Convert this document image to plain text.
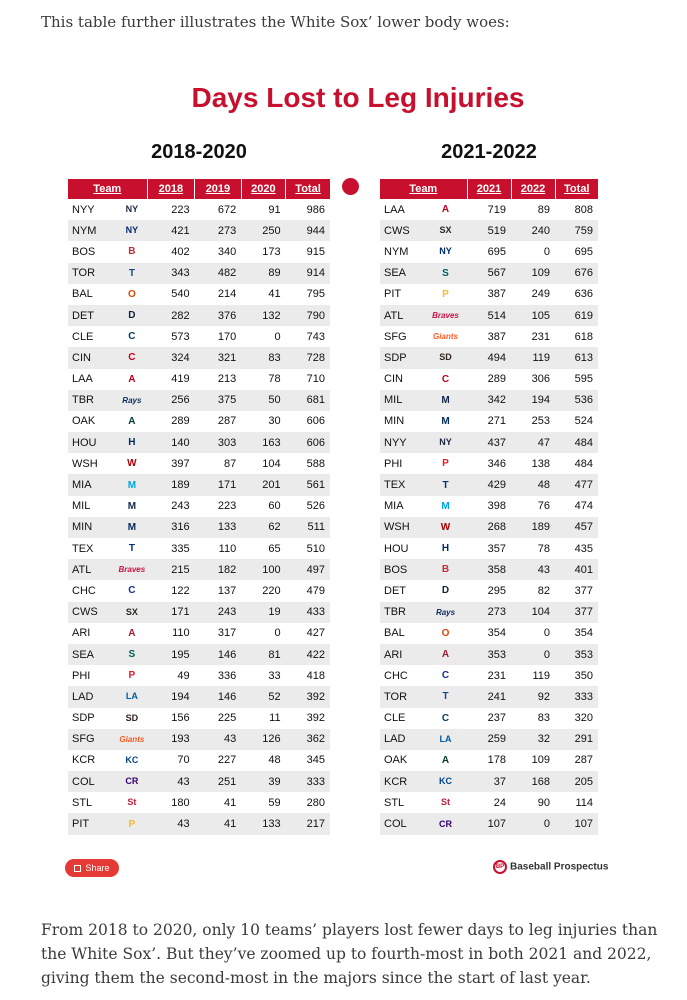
This table further illustrates the White Sox’ lower body woes:
Days Lost to Leg Injuries
2018-2020	2021-2022
Team		2018	2019	2020	Total
NYY	NY	223	672	91	986
NYM	NY	421	273	250	944
BOS	B	402	340	173	915
TOR	T	343	482	89	914
BAL	O	540	214	41	795
DET	D	282	376	132	790
CLE	C	573	170	0	743
CIN	C	324	321	83	728
LAA	A	419	213	78	710
TBR	Rays	256	375	50	681
OAK	A	289	287	30	606
HOU	H	140	303	163	606
WSH	W	397	87	104	588
MIA	M	189	171	201	561
MIL	M	243	223	60	526
MIN	M	316	133	62	511
TEX	T	335	110	65	510
ATL	Braves	215	182	100	497
CHC	C	122	137	220	479
CWS	SX	171	243	19	433
ARI	A	110	317	0	427
SEA	S	195	146	81	422
PHI	P	49	336	33	418
LAD	LA	194	146	52	392
SDP	SD	156	225	11	392
SFG	Giants	193	43	126	362
KCR	KC	70	227	48	345
COL	CR	43	251	39	333
STL	St	180	41	59	280
PIT	P	43	41	133	217
Team		2021	2022	Total
LAA	A	719	89	808
CWS	SX	519	240	759
NYM	NY	695	0	695
SEA	S	567	109	676
PIT	P	387	249	636
ATL	Braves	514	105	619
SFG	Giants	387	231	618
SDP	SD	494	119	613
CIN	C	289	306	595
MIL	M	342	194	536
MIN	M	271	253	524
NYY	NY	437	47	484
PHI	P	346	138	484
TEX	T	429	48	477
MIA	M	398	76	474
WSH	W	268	189	457
HOU	H	357	78	435
BOS	B	358	43	401
DET	D	295	82	377
TBR	Rays	273	104	377
BAL	O	354	0	354
ARI	A	353	0	353
CHC	C	231	119	350
TOR	T	241	92	333
CLE	C	237	83	320
LAD	LA	259	32	291
OAK	A	178	109	287
KCR	KC	37	168	205
STL	St	24	90	114
COL	CR	107	0	107
Share	BP Baseball Prospectus
From 2018 to 2020, only 10 teams’ players lost fewer days to leg injuries than the White Sox’. But they’ve zoomed up to fourth-most in both 2021 and 2022, giving them the second-most in the majors since the start of last year.
